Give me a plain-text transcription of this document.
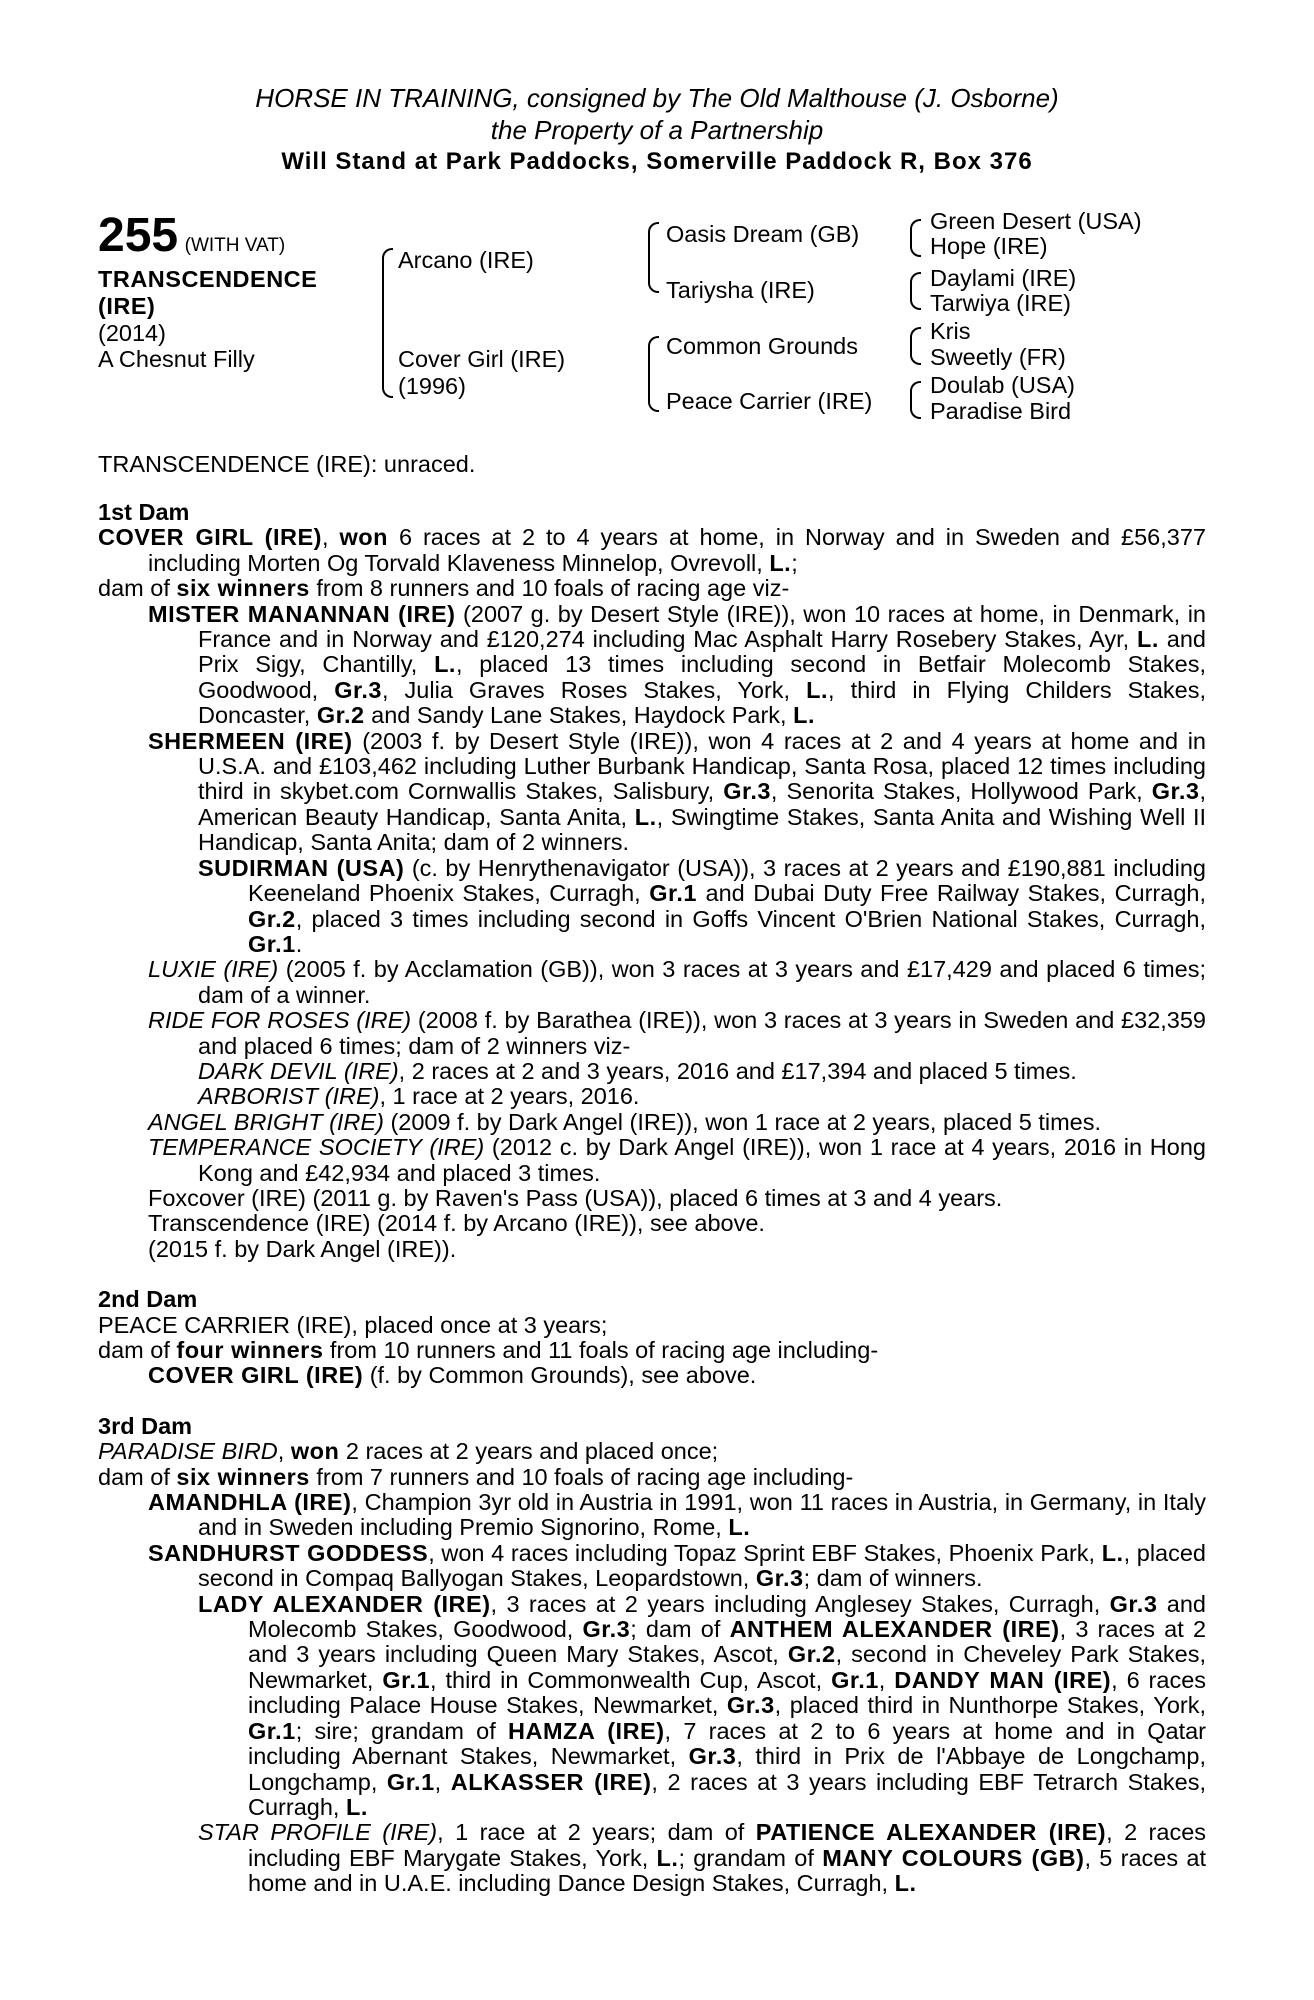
HORSE IN TRAINING, consigned by The Old Malthouse (J. Osborne)
the Property of a Partnership
Will Stand at Park Paddocks, Somerville Paddock R, Box 376
255 (WITH VAT)
TRANSCENDENCE
(IRE)
(2014)
A Chesnut Filly
Arcano (IRE)
Cover Girl (IRE)
(1996)
Oasis Dream (GB)
Tariysha (IRE)
Common Grounds
Peace Carrier (IRE)
Green Desert (USA)
Hope (IRE)
Daylami (IRE)
Tarwiya (IRE)
Kris
Sweetly (FR)
Doulab (USA)
Paradise Bird
TRANSCENDENCE (IRE): unraced.

1st Dam

COVER GIRL (IRE), won 6 races at 2 to 4 years at home, in Norway and in Sweden and £56,377 including Morten Og Torvald Klaveness Minnelop, Ovrevoll, L.;

dam of six winners from 8 runners and 10 foals of racing age viz-

MISTER MANANNAN (IRE) (2007 g. by Desert Style (IRE)), won 10 races at home, in Denmark, in France and in Norway and £120,274 including Mac Asphalt Harry Rosebery Stakes, Ayr, L. and Prix Sigy, Chantilly, L., placed 13 times including second in Betfair Molecomb Stakes, Goodwood, Gr.3, Julia Graves Roses Stakes, York, L., third in Flying Childers Stakes, Doncaster, Gr.2 and Sandy Lane Stakes, Haydock Park, L.

SHERMEEN (IRE) (2003 f. by Desert Style (IRE)), won 4 races at 2 and 4 years at home and in U.S.A. and £103,462 including Luther Burbank Handicap, Santa Rosa, placed 12 times including third in skybet.com Cornwallis Stakes, Salisbury, Gr.3, Senorita Stakes, Hollywood Park, Gr.3, American Beauty Handicap, Santa Anita, L., Swingtime Stakes, Santa Anita and Wishing Well II Handicap, Santa Anita; dam of 2 winners.

SUDIRMAN (USA) (c. by Henrythenavigator (USA)), 3 races at 2 years and £190,881 including Keeneland Phoenix Stakes, Curragh, Gr.1 and Dubai Duty Free Railway Stakes, Curragh, Gr.2, placed 3 times including second in Goffs Vincent O'Brien National Stakes, Curragh, Gr.1.

LUXIE (IRE) (2005 f. by Acclamation (GB)), won 3 races at 3 years and £17,429 and placed 6 times; dam of a winner.

RIDE FOR ROSES (IRE) (2008 f. by Barathea (IRE)), won 3 races at 3 years in Sweden and £32,359 and placed 6 times; dam of 2 winners viz-

DARK DEVIL (IRE), 2 races at 2 and 3 years, 2016 and £17,394 and placed 5 times.

ARBORIST (IRE), 1 race at 2 years, 2016.

ANGEL BRIGHT (IRE) (2009 f. by Dark Angel (IRE)), won 1 race at 2 years, placed 5 times.

TEMPERANCE SOCIETY (IRE) (2012 c. by Dark Angel (IRE)), won 1 race at 4 years, 2016 in Hong Kong and £42,934 and placed 3 times.

Foxcover (IRE) (2011 g. by Raven's Pass (USA)), placed 6 times at 3 and 4 years.

Transcendence (IRE) (2014 f. by Arcano (IRE)), see above.

(2015 f. by Dark Angel (IRE)).

2nd Dam

PEACE CARRIER (IRE), placed once at 3 years;

dam of four winners from 10 runners and 11 foals of racing age including-

COVER GIRL (IRE) (f. by Common Grounds), see above.

3rd Dam

PARADISE BIRD, won 2 races at 2 years and placed once;

dam of six winners from 7 runners and 10 foals of racing age including-

AMANDHLA (IRE), Champion 3yr old in Austria in 1991, won 11 races in Austria, in Germany, in Italy and in Sweden including Premio Signorino, Rome, L.

SANDHURST GODDESS, won 4 races including Topaz Sprint EBF Stakes, Phoenix Park, L., placed second in Compaq Ballyogan Stakes, Leopardstown, Gr.3; dam of winners.

LADY ALEXANDER (IRE), 3 races at 2 years including Anglesey Stakes, Curragh, Gr.3 and Molecomb Stakes, Goodwood, Gr.3; dam of ANTHEM ALEXANDER (IRE), 3 races at 2 and 3 years including Queen Mary Stakes, Ascot, Gr.2, second in Cheveley Park Stakes, Newmarket, Gr.1, third in Commonwealth Cup, Ascot, Gr.1, DANDY MAN (IRE), 6 races including Palace House Stakes, Newmarket, Gr.3, placed third in Nunthorpe Stakes, York, Gr.1; sire; grandam of HAMZA (IRE), 7 races at 2 to 6 years at home and in Qatar including Abernant Stakes, Newmarket, Gr.3, third in Prix de l'Abbaye de Longchamp, Longchamp, Gr.1, ALKASSER (IRE), 2 races at 3 years including EBF Tetrarch Stakes, Curragh, L.

STAR PROFILE (IRE), 1 race at 2 years; dam of PATIENCE ALEXANDER (IRE), 2 races including EBF Marygate Stakes, York, L.; grandam of MANY COLOURS (GB), 5 races at home and in U.A.E. including Dance Design Stakes, Curragh, L.
